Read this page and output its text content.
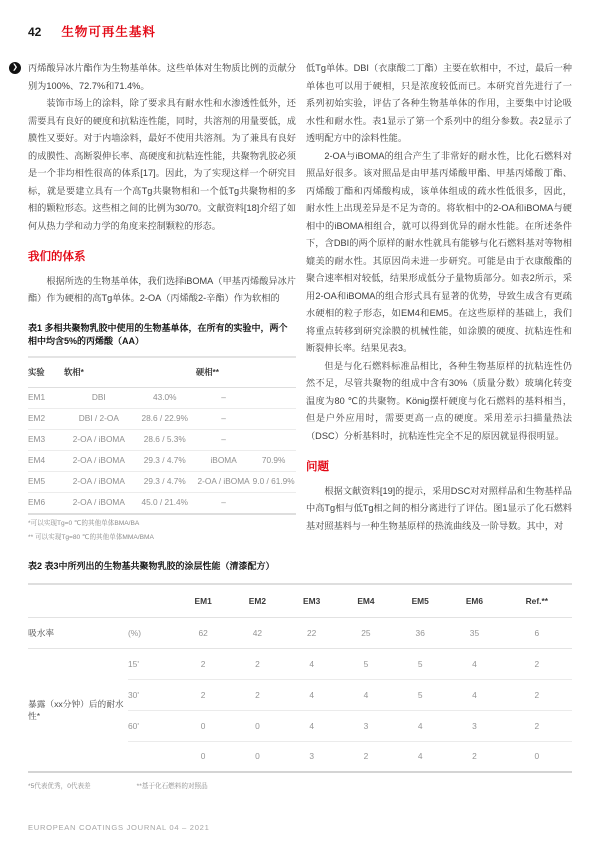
42 生物可再生基料
❯	丙烯酸异冰片酯作为生物基单体。这些单体对生物质比例的贡献分别为100%、72.7%和71.4%。

装饰市场上的涂料，除了要求具有耐水性和水渗透性低外，还需要具有良好的硬度和抗粘连性能，同时，共溶剂的用量要低，成膜性又要好。对于内墙涂料，最好不使用共溶剂。为了兼具有良好的成膜性、高断裂伸长率、高硬度和抗粘连性能，共聚物乳胶必须是一个非均相性很高的体系[17]。因此，为了实现这样一个研究目标，就是要建立具有一个高Tg共聚物相和一个低Tg共聚物相的多相的颗粒形态。这些相之间的比例为30/70。文献资料[18]介绍了如何从热力学和动力学的角度来控制颗粒的形态。

我们的体系

根据所选的生物基单体，我们选择iBOMA（甲基丙烯酸异冰片酯）作为硬相的高Tg单体。2-OA（丙烯酸2-辛酯）作为软相的

表1 多相共聚物乳胶中使用的生物基单体，在所有的实验中，两个相中均含5%的丙烯酸（AA）

实验	软相*		硬相**	
EM1	DBI	43.0%	–	
EM2	DBI / 2-OA	28.6 / 22.9%	–	
EM3	2-OA / iBOMA	28.6 / 5.3%	–	
EM4	2-OA / iBOMA	29.3 / 4.7%	iBOMA	70.9%
EM5	2-OA / iBOMA	29.3 / 4.7%	2-OA / iBOMA	9.0 / 61.9%
EM6	2-OA / iBOMA	45.0 / 21.4%	–	

*可以实现Tg=0 ℃的其他单体BMA/BA

** 可以实现Tg=80 ℃的其他单体MMA/BMA

低Tg单体。DBI（衣康酸二丁酯）主要在软相中，不过，最后一种单体也可以用于硬相，只是浓度较低而已。本研究首先进行了一系列初始实验，评估了各种生物基单体的作用，主要集中讨论吸水性和耐水性。表1显示了第一个系列中的组分参数。表2显示了透明配方中的涂料性能。

2-OA与iBOMA的组合产生了非常好的耐水性，比化石燃料对照品好很多。该对照品是由甲基丙烯酸甲酯、甲基丙烯酸丁酯、丙烯酸丁酯和丙烯酸构成，该单体组成的疏水性低很多，因此，耐水性上出现差异是不足为奇的。将软相中的2-OA和iBOMA与硬相中的iBOMA相组合，就可以得到优异的耐水性能。在所述条件下，含DBI的两个原样的耐水性就具有能够与化石燃料基对等物相媲美的耐水性。其原因尚未进一步研究。可能是由于衣康酸酯的聚合速率相对较低，结果形成低分子量物质部分。如表2所示，采用2-OA和iBOMA的组合形式具有显著的优势，导致生成含有更疏水硬相的粒子形态，如EM4和EM5。在这些原样的基础上，我们将重点转移到研究涂膜的机械性能，如涂膜的硬度、抗粘连性和断裂伸长率。结果见表3。

但是与化石燃料标准品相比，各种生物基原样的抗粘连性仍然不足，尽管共聚物的组成中含有30%（质量分数）玻璃化转变温度为80 ℃的共聚物。König摆杆硬度与化石燃料的基料相当，但是户外应用时，需要更高一点的硬度。采用差示扫描量热法（DSC）分析基料时，抗粘连性完全不足的原因就显得很明显。

问题

根据文献资料[19]的提示，采用DSC对对照样品和生物基样品中高Tg相与低Tg相之间的相分离进行了评估。图1显示了化石燃料基对照基料与一种生物基原样的热流曲线及一阶导数。其中，对

表2 表3中所列出的生物基共聚物乳胶的涂层性能（清漆配方）

		EM1	EM2	EM3	EM4	EM5	EM6	Ref.**
吸水率	(%)	62	42	22	25	36	35	6
暴露（xx分钟）后的耐水性*	15'	2	2	4	5	5	4	2
	30'	2	2	4	4	5	4	2
	60'	0	0	4	3	4	3	2
		0	0	3	2	4	2	0
*5代表优秀，0代表差	**基于化石燃料的对照品
EUROPEAN COATINGS JOURNAL 04 – 2021
